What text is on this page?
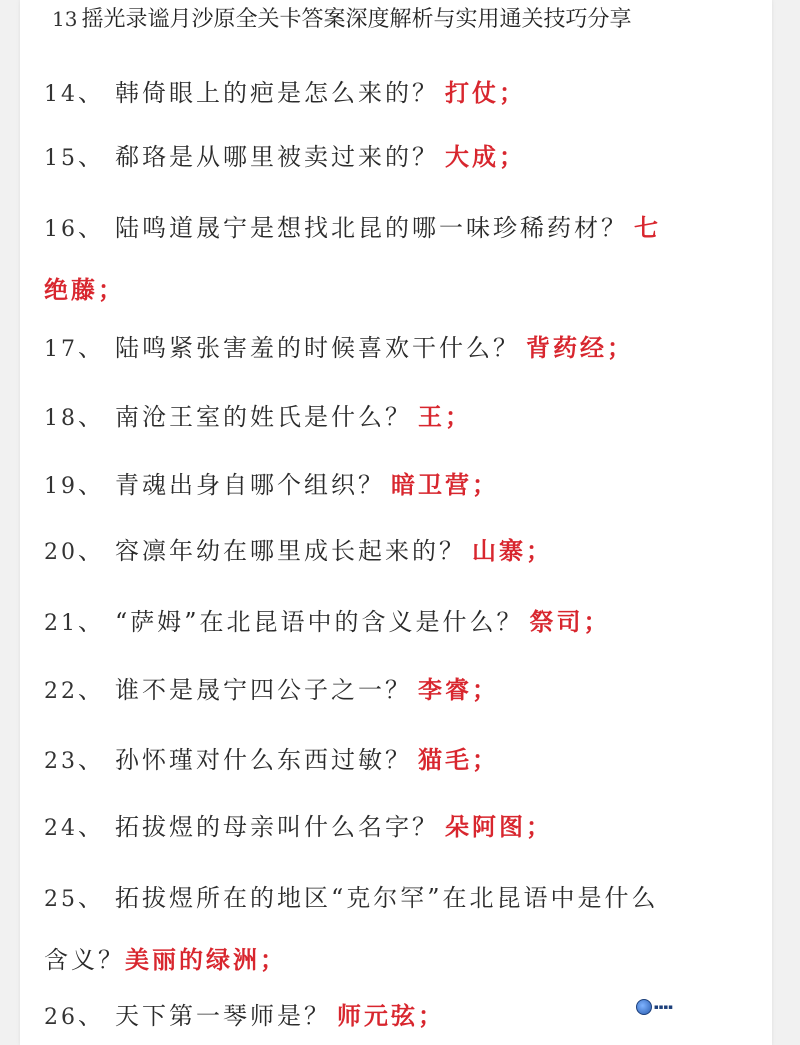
13 摇光录谧月沙原全关卡答案深度解析与实用通关技巧分享
14、 韩倚眼上的疤是怎么来的？ 打仗；
15、 郗珞是从哪里被卖过来的？ 大成；
16、 陆鸣道晟宁是想找北昆的哪一味珍稀药材？ 七
绝藤；
17、 陆鸣紧张害羞的时候喜欢干什么？ 背药经；
18、 南沧王室的姓氏是什么？ 王；
19、 青魂出身自哪个组织？ 暗卫营；
20、 容凛年幼在哪里成长起来的？ 山寨；
21、 “萨姆”在北昆语中的含义是什么？ 祭司；
22、 谁不是晟宁四公子之一？ 李睿；
23、 孙怀瑾对什么东西过敏？ 猫毛；
24、 拓拔煜的母亲叫什么名字？ 朵阿图；
25、 拓拔煜所在的地区“克尔罕”在北昆语中是什么
含义？美丽的绿洲；
26、 天下第一琴师是？ 师元弦；	▪▪▪▪
